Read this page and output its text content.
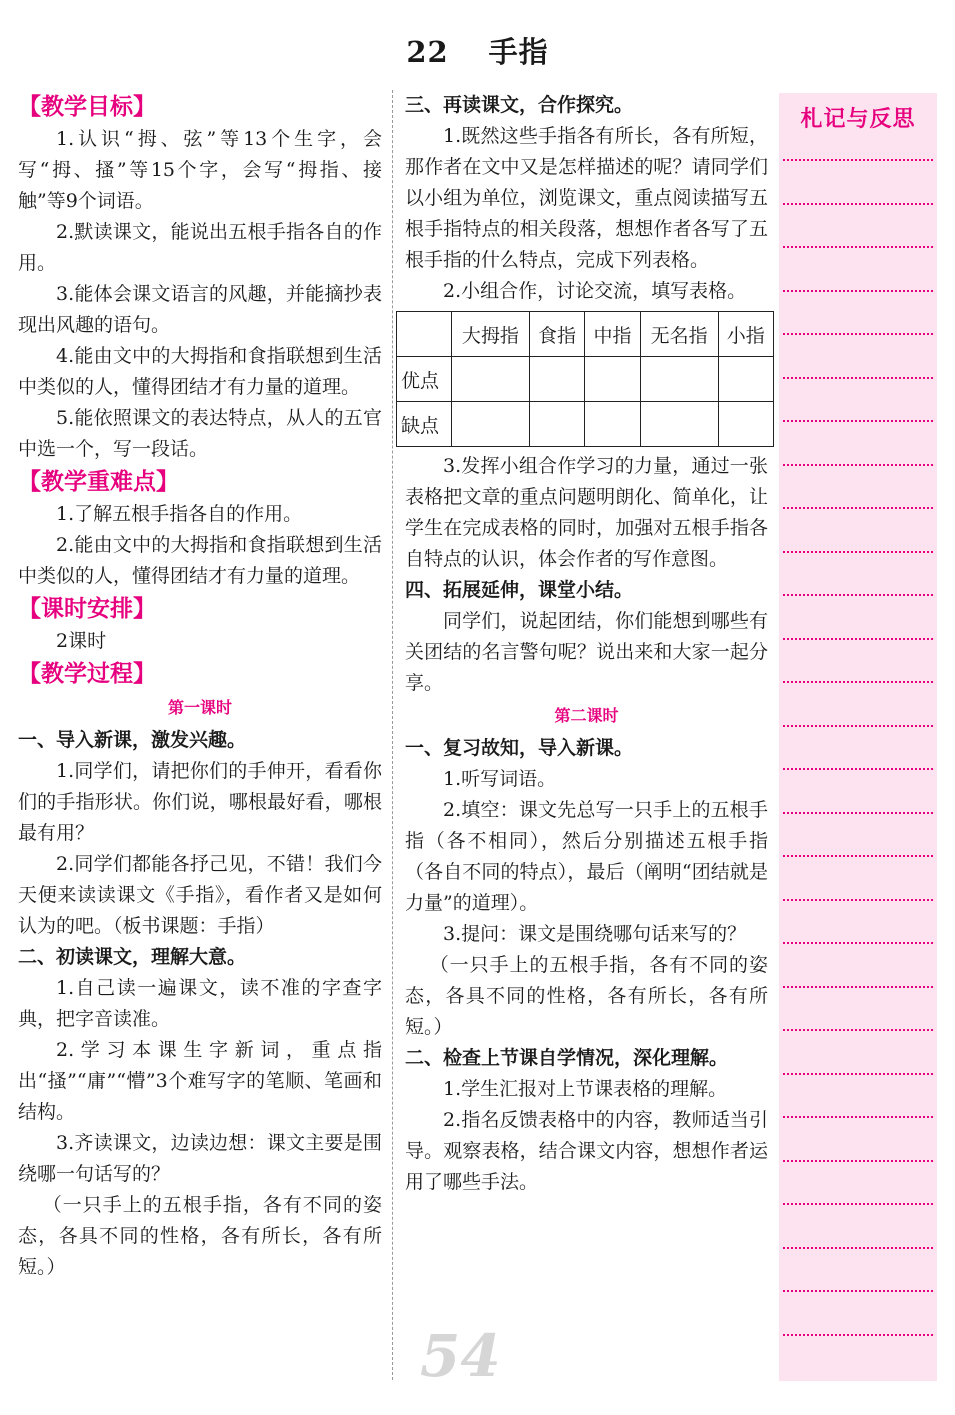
22 手指

【教学目标】

1.认识“拇、弦”等13个生字，会写“拇、搔”等15个字，会写“拇指、接触”等9个词语。

2.默读课文，能说出五根手指各自的作用。

3.能体会课文语言的风趣，并能摘抄表现出风趣的语句。

4.能由文中的大拇指和食指联想到生活中类似的人，懂得团结才有力量的道理。

5.能依照课文的表达特点，从人的五官中选一个，写一段话。

【教学重难点】

1.了解五根手指各自的作用。

2.能由文中的大拇指和食指联想到生活中类似的人，懂得团结才有力量的道理。

【课时安排】

2课时

【教学过程】

第一课时

一、导入新课，激发兴趣。

1.同学们，请把你们的手伸开，看看你们的手指形状。你们说，哪根最好看，哪根最有用？

2.同学们都能各抒己见，不错！我们今天便来读读课文《手指》，看作者又是如何认为的吧。（板书课题：手指）

二、初读课文，理解大意。

1.自己读一遍课文，读不准的字查字典，把字音读准。

2.学习本课生字新词，重点指出“搔”“庸”“懵”3个难写字的笔顺、笔画和结构。

3.齐读课文，边读边想：课文主要是围绕哪一句话写的？

（一只手上的五根手指，各有不同的姿态，各具不同的性格，各有所长，各有所短。）

三、再读课文，合作探究。

1.既然这些手指各有所长，各有所短，那作者在文中又是怎样描述的呢？请同学们以小组为单位，浏览课文，重点阅读描写五根手指特点的相关段落，想想作者各写了五根手指的什么特点，完成下列表格。

2.小组合作，讨论交流，填写表格。

	大拇指	食指	中指	无名指	小指
优点					
缺点					

3.发挥小组合作学习的力量，通过一张表格把文章的重点问题明朗化、简单化，让学生在完成表格的同时，加强对五根手指各自特点的认识，体会作者的写作意图。

四、拓展延伸，课堂小结。

同学们，说起团结，你们能想到哪些有关团结的名言警句呢？说出来和大家一起分享。

第二课时

一、复习故知，导入新课。

1.听写词语。

2.填空：课文先总写一只手上的五根手指（各不相同），然后分别描述五根手指（各自不同的特点），最后（阐明“团结就是力量”的道理）。

3.提问：课文是围绕哪句话来写的？

（一只手上的五根手指，各有不同的姿态，各具不同的性格，各有所长，各有所短。）

二、检查上节课自学情况，深化理解。

1.学生汇报对上节课表格的理解。

2.指名反馈表格中的内容，教师适当引导。观察表格，结合课文内容，想想作者运用了哪些手法。

札记与反思
54
